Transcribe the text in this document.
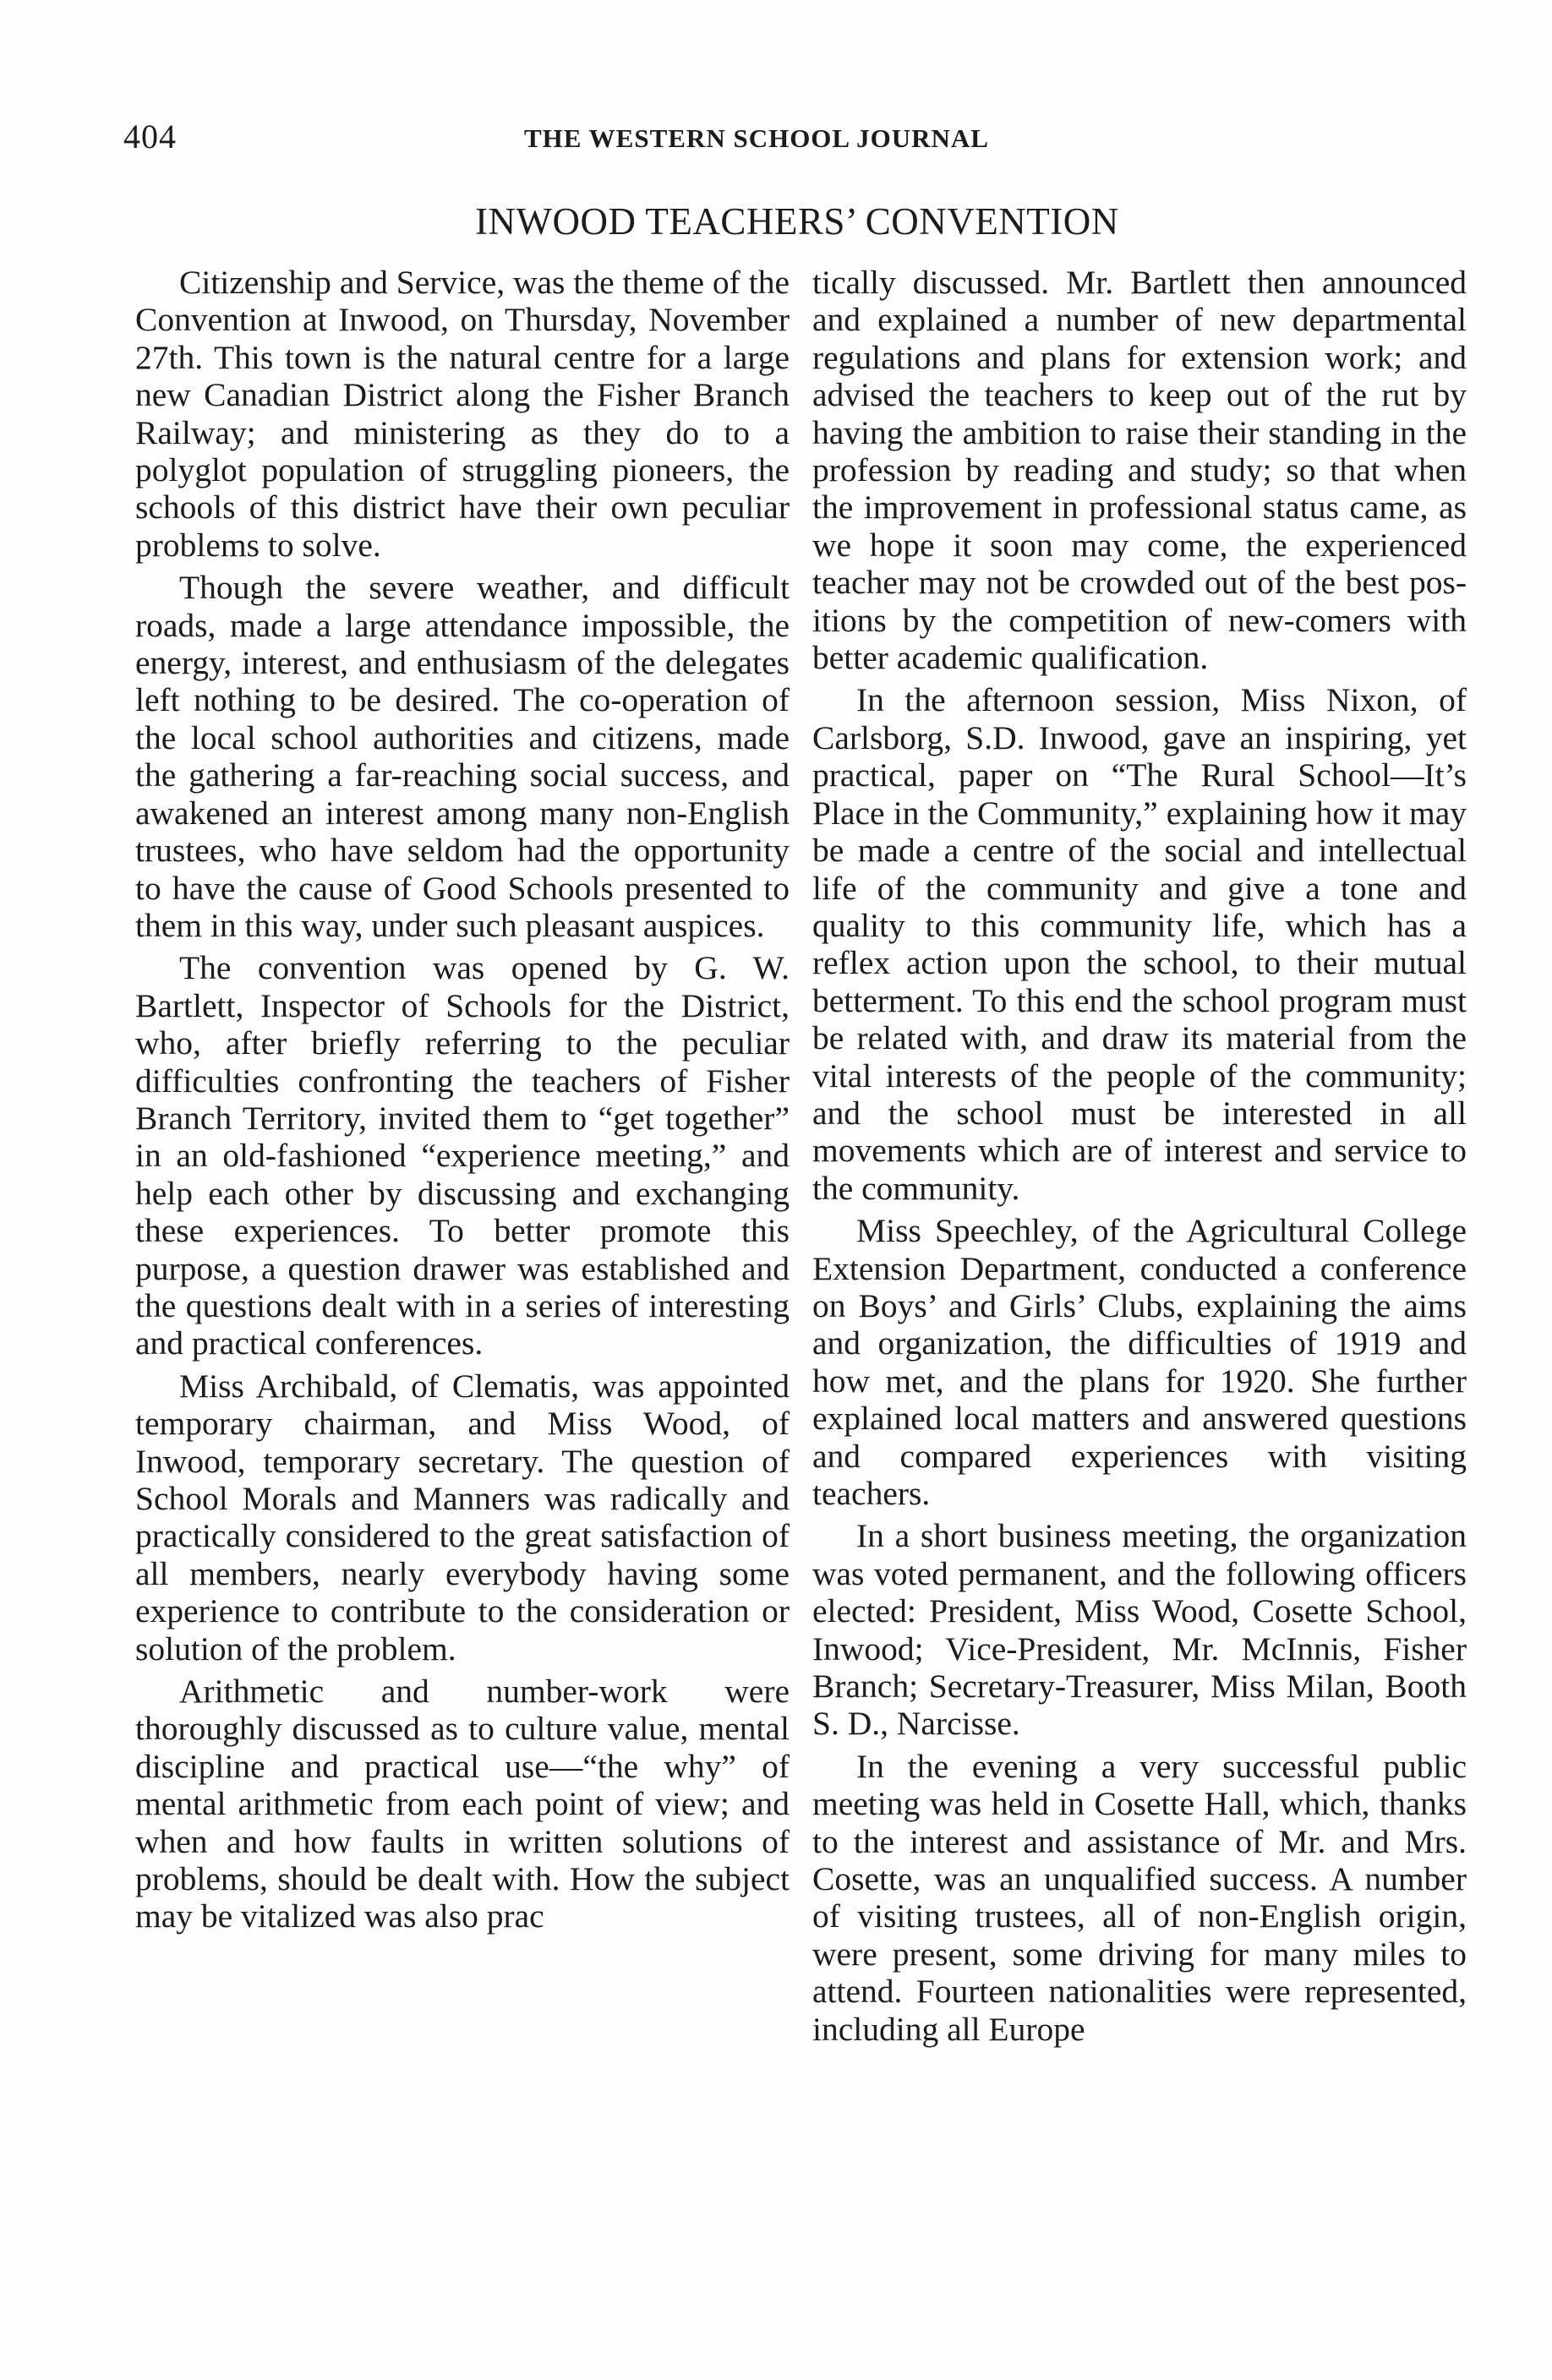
404	THE WESTERN SCHOOL JOURNAL
INWOOD TEACHERS’ CONVENTION

Citizenship and Service, was the theme of the Convention at Inwood, on Thursday, November 27th. This town is the natural centre for a large new Canadian District along the Fisher Branch Railway; and ministering as they do to a polyglot population of struggling pioneers, the schools of this district have their own peculiar problems to solve.

Though the severe weather, and difficult roads, made a large attendance impossible, the energy, interest, and enthusiasm of the delegates left nothing to be desired. The co-operation of the local school authorities and citizens, made the gathering a far-reaching social success, and awakened an interest among many non-English trustees, who have seldom had the opportunity to have the cause of Good Schools presented to them in this way, under such pleasant auspices.

The convention was opened by G. W. Bartlett, Inspector of Schools for the District, who, after briefly referring to the peculiar difficulties confronting the teachers of Fisher Branch Territory, invited them to “get together” in an old-fashioned “experience meeting,” and help each other by discussing and exchanging these experiences. To better promote this purpose, a question drawer was established and the questions dealt with in a series of interesting and practical conferences.

Miss Archibald, of Clematis, was appointed temporary chairman, and Miss Wood, of Inwood, temporary secretary. The question of School Morals and Manners was radically and practically considered to the great satisfaction of all members, nearly everybody having some experience to contribute to the consideration or solution of the problem.

Arithmetic and number-work were thoroughly discussed as to culture value, mental discipline and practical use—“the why” of mental arithmetic from each point of view; and when and how faults in written solutions of problems, should be dealt with. How the subject may be vitalized was also prac

tically discussed. Mr. Bartlett then announced and explained a number of new departmental regulations and plans for extension work; and advised the teachers to keep out of the rut by having the ambition to raise their standing in the profession by reading and study; so that when the improvement in professional status came, as we hope it soon may come, the experienced teacher may not be crowded out of the best positions by the competition of new-comers with better academic qualification.

In the afternoon session, Miss Nixon, of Carlsborg, S.D. Inwood, gave an inspiring, yet practical, paper on “The Rural School—It’s Place in the Community,” explaining how it may be made a centre of the social and intellectual life of the community and give a tone and quality to this community life, which has a reflex action upon the school, to their mutual betterment. To this end the school program must be related with, and draw its material from the vital interests of the people of the community; and the school must be interested in all movements which are of interest and service to the community.

Miss Speechley, of the Agricultural College Extension Department, conducted a conference on Boys’ and Girls’ Clubs, explaining the aims and organization, the difficulties of 1919 and how met, and the plans for 1920. She further explained local matters and answered questions and compared experiences with visiting teachers.

In a short business meeting, the organization was voted permanent, and the following officers elected: President, Miss Wood, Cosette School, Inwood; Vice-President, Mr. McInnis, Fisher Branch; Secretary-Treasurer, Miss Milan, Booth S. D., Narcisse.

In the evening a very successful public meeting was held in Cosette Hall, which, thanks to the interest and assistance of Mr. and Mrs. Cosette, was an unqualified success. A number of visiting trustees, all of non-English origin, were present, some driving for many miles to attend. Fourteen nationalities were represented, including all Europe
